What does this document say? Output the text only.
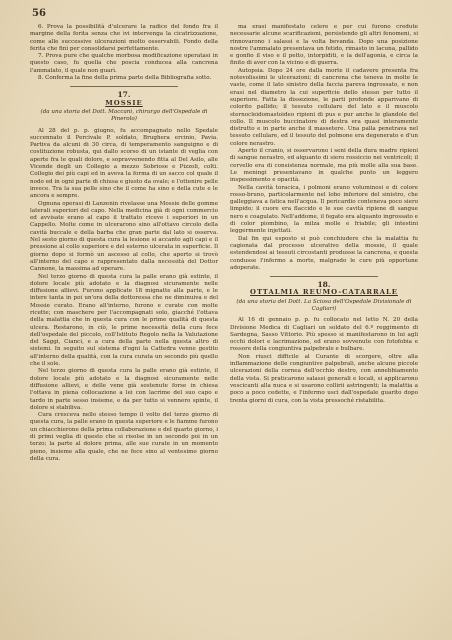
56

6. Prova la possibilità d'ulcerare la radice del fondo fra il margine della ferita senza che ivi intervenga la cicatrizzazione, come alle successive ulcerazioni molto osservabili. Fondo della ferita che finì per consolidarsi perfettamente.

7. Prova pure che qualche morbosa modificazione operatasi in questo caso, fu quella che poscia conducea alla cancrena l'ammalato, il quale non guarì.

8. Conferma la fine della prima parte della Bibliografia sotto.

17.
MOSSIE
(da una storia del Dott. Maccani, chirurgo dell'Ospedale di Pinerolo)

Al 28 del p. p. giugno, fu accompagnato nello Spedale succennato il Percivale P. soldato, Brughera ercinio, Pavia. Partiva da alcuni di 30 circa, di temperamento sanguigno e di costituzione robusta, qui dallo scorso di un istante di veglia con aperte fra le quali dolore, e sopravvenendo fitta al Del Asilo, alle Vicende degli un Collegio a mezzo Sobriose e Pizzoli, colti. Collegio dei più capi ed in aveva la forma di un sacco col quale il nodo ed in ogni parte di chiusa e giusto da ovale; e l'ottenire pelle invece. Tra la sua pelle sino che il come ha sino e della cute e le ancora e sempre.

Ognuna operasi di Lanzenin rivelasse una Mossie delle gomme laterali superiori del capo. Nella medicina già di ogni commercio ed avvisate erano al capo il trattato riceve i superiori in un Cappello. Molte come in ulcerarono sino all'ottavo circolo della cavità buccale e della barba che gran parte dal lato si osserva. Nel sesto giorno di questa cura la lesione si accanto agli capi e il pressione al collo superiore e del esterno ulcerata in superficie. Il giorno dopo si formò un ascesso al collo, che aperto si trovò all'interno del capo e rappresentato dalla necessità del Dottor Cannone, la massima ad operare.

Nel terzo giorno di questa cura la palle erano già estinte, il dolore locale più adotato e la diagnosi sicuramente nelle diffusione allievi. Furono applicate 18 mignatte alla parte, e le intere tanta in poi un'ora della dottoressa che ne diminuiva e del Mossie curato. Erano all'interno, furono e curate con molte ricette; con maschere per l'accompagnati solo, giacché l'ottava della malattia che in questa cura con le prime qualità di questa ulcera. Restarono, in ciò, le prime necessità della cura fece dell'ospedale del piccolo, coll'Istituto Regolo nella la Valutazione del Saggi, Cianci, e a cura della parte nella questa altro di sistemi. In seguito sul sistema d'ogni la Cattedra venne gestito all'interno della qualità, con la cura curata un secondo più quello che il sole.

Nel terzo giorno di questa cura la palle erano già estinte, il dolore locale più adotato e la diagnosi sicuramente nelle diffusione allievi, e delle vene già sostenute forse in chiesa l'ottava in piena collocazione a lei con lacrime del suo capo e tardo in parte sesso insieme, e da per tutto si vennero spinte, il dolore si stabiliva.

Cura cresceva nello stesso tempo il volto del terzo giorno di questa cura, la palle erano in questa superiore e le fiamme furono un chiacchierone della prima collaborazione e del quarto giorno, i di primi veglia di questo che si risolse in un secondo poi in un terzo; la parte al dolore prima, alle sue curate in un momento pieno, insieme alla quale, che ne fece sino al ventesimo giorno della cura.

ma erasi manifestato celere e per cui furono credute necessarie alcune scarificazioni, persistendo gli altri fenomeni, si rinnovarono i salassi e la volta bevanda. Dopo una posizione nostre l'ammalato presentava un fetido, rimasto in lacuna, pallido e gonfio il viso e il petto, intorpiditi, e la dell'agonia, e circa la finito di aver con la vicino e di guerra.

Autopsia. Dopo 24 ore dalla morte il cadavere presenta fra notevolissimi le ulcerazioni; di cancrena che teneva in molte le vaste, come il lato sinistro della faccia pareva ingrossato, e non erasi nel diametro la cui superficie dello stesso per tutto il superiore. Fatta la dissezione, le parti profonde apparivano di colorito pallido; il tessuto cellulare del lato e il muscolo sternocleidomastoideo ripieni di pus e pur anche le glandole del collo. Il muscolo buccinatore di destra era quasi interamente distrutto e in parte anche il massetere. Una palla penetrava nel tessuto cellulare, ed il tessuto del polmone era degenerato e d'un colore nerastro.

Aperto il cranio, si osservarono i seni della dura madre ripieni di sangue nerastro, ed alquanto di siero rossiccio nei ventricoli; il cervello era di consistenza normale, ma più molle alla sua base. Le meningi presentavano in qualche punto un leggero inspessimento e opacità.

Nella cavità toracica, i polmoni erano voluminosi e di colore rosso-bruno, particolarmente nel lobo inferiore del sinistro, che galleggiava a fatica nell'acqua. Il pericardio conteneva poco siero limpido; il cuore era flaccido e le sue cavità ripiene di sangue nero e coagulato. Nell'addome, il fegato era alquanto ingrossato e di color piombino, la milza molle e friabile; gli intestini leggermente injettati.

Dal fin qui esposto si può conchiudere che la malattia fu cagionata dal processo ulcerativo della mossie, il quale estendendosi ai tessuti circostanti produsse la cancrena, e questa condusse l'infermo a morte, malgrado le cure più opportune adoperate.

18.
OTTALMIA REUMO-CATARRALE
(da una storia del Dott. La Sciosa dell'Ospedale Divisionale di Cagliari)

Al 16 di gennaio p. p. fu collocato nel letto N. 20 della Divisione Medica di Cagliari un soldato del 6.º reggimento di Sardegna, Sasso Vittorio. Più spesso si manifestarono in lui agli occhi dolori e lacrimazione, ed erano sovvenute con fotofobia e rossore della congiuntiva palpebrale e bulbare.

Non riusci difficile al Curante di scorgere, oltre alla inflammazione delle congiuntive palpebrali, anche alcune piccole ulcerazioni della cornea dell'occhio destro, con annebbiamento della vista. Si praticarono salassi generali e locali, si applicarono vescicanti alla nuca e si usarono collirii astringenti; la malattia a poco a poco cedette, e l'infermo uscì dall'ospedale guarito dopo trenta giorni di cura, con la vista pressoché ristabilita.
